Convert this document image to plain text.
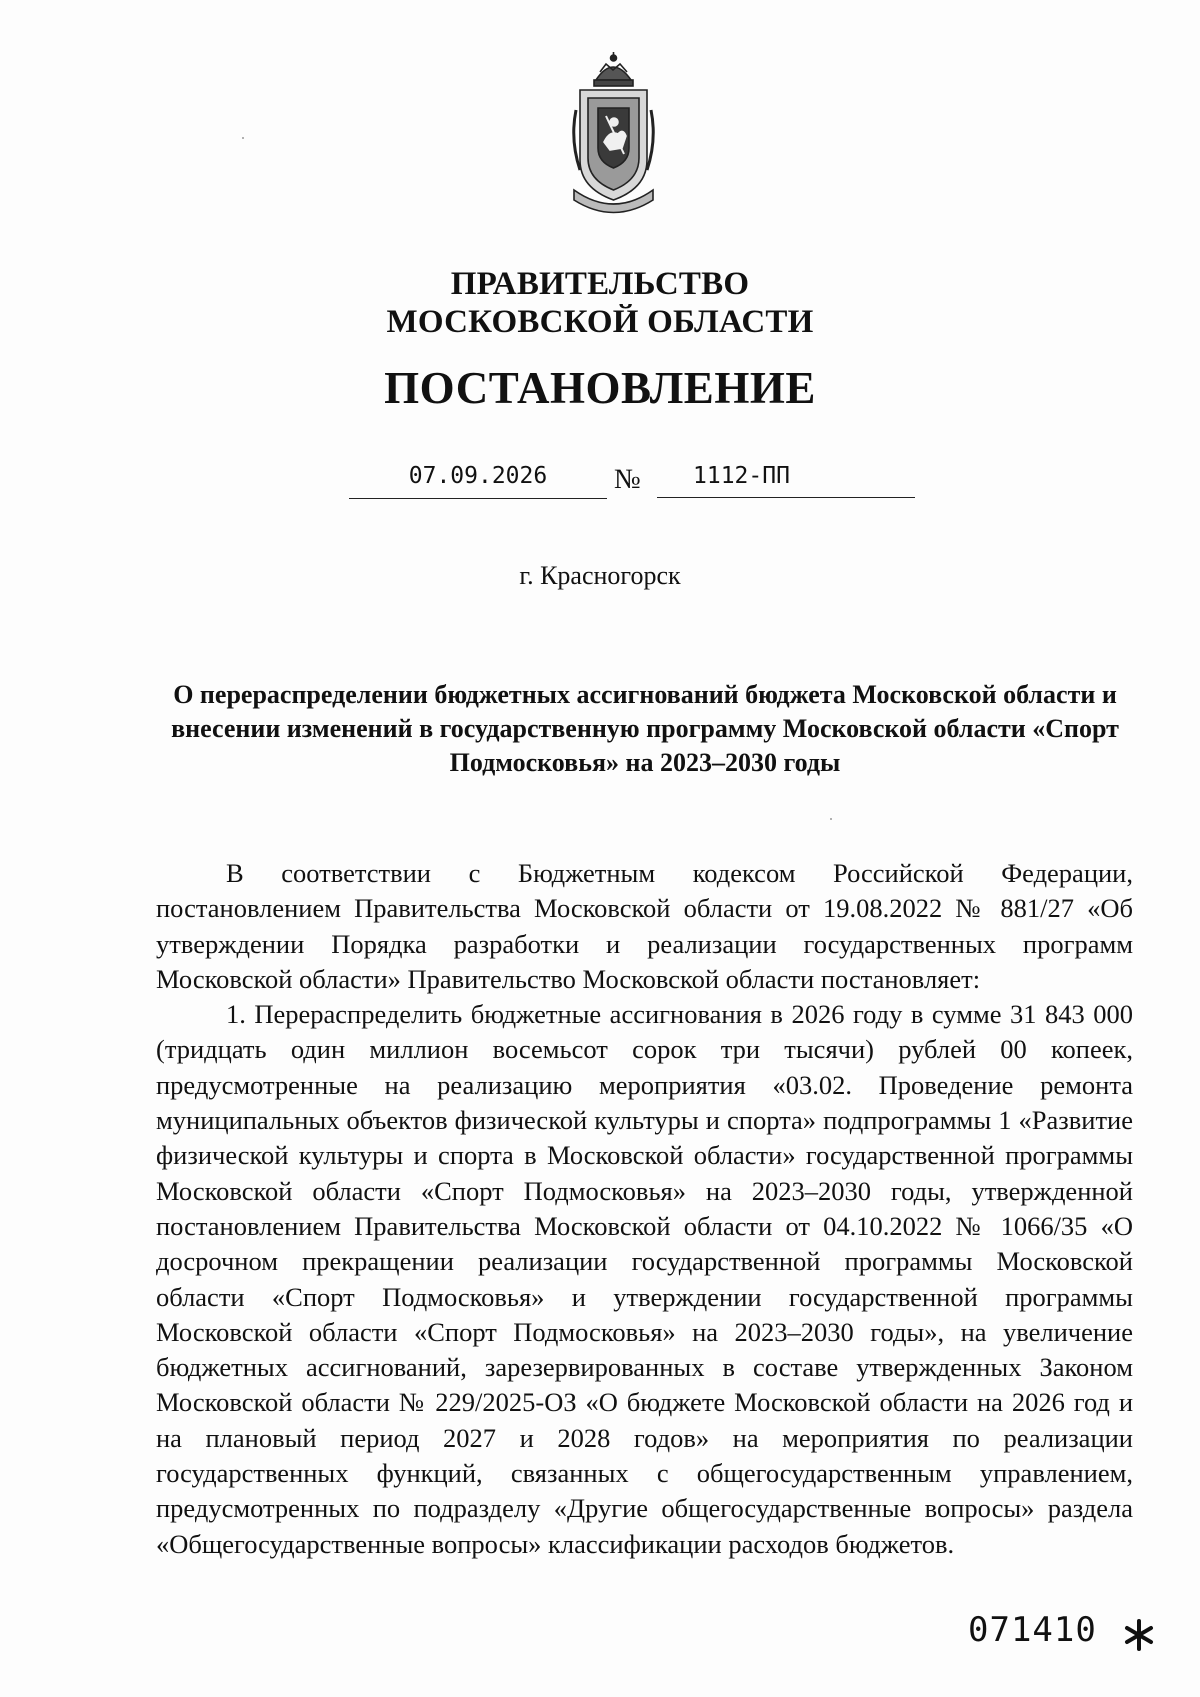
ПРАВИТЕЛЬСТВО
МОСКОВСКОЙ ОБЛАСТИ
ПОСТАНОВЛЕНИЕ
07.09.2026	№	1112-ПП
г. Красногорск
О перераспределении бюджетных ассигнований бюджета Московской области и внесении изменений в государственную программу Московской области «Спорт Подмосковья» на 2023–2030 годы

В соответствии с Бюджетным кодексом Российской Федерации, постановлением Правительства Московской области от 19.08.2022 № 881/27 «Об утверждении Порядка разработки и реализации государственных программ Московской области» Правительство Московской области постановляет:

1. Перераспределить бюджетные ассигнования в 2026 году в сумме 31 843 000 (тридцать один миллион восемьсот сорок три тысячи) рублей 00 копеек, предусмотренные на реализацию мероприятия «03.02. Проведение ремонта муниципальных объектов физической культуры и спорта» подпрограммы 1 «Развитие физической культуры и спорта в Московской области» государственной программы Московской области «Спорт Подмосковья» на 2023–2030 годы, утвержденной постановлением Правительства Московской области от 04.10.2022 № 1066/35 «О досрочном прекращении реализации государственной программы Московской области «Спорт Подмосковья» и утверждении государственной программы Московской области «Спорт Подмосковья» на 2023–2030 годы», на увеличение бюджетных ассигнований, зарезервированных в составе утвержденных Законом Московской области № 229/2025-ОЗ «О бюджете Московской области на 2026 год и на плановый период 2027 и 2028 годов» на мероприятия по реализации государственных функций, связанных с общегосударственным управлением, предусмотренных по подразделу «Другие общегосударственные вопросы» раздела «Общегосударственные вопросы» классификации расходов бюджетов.

071410
